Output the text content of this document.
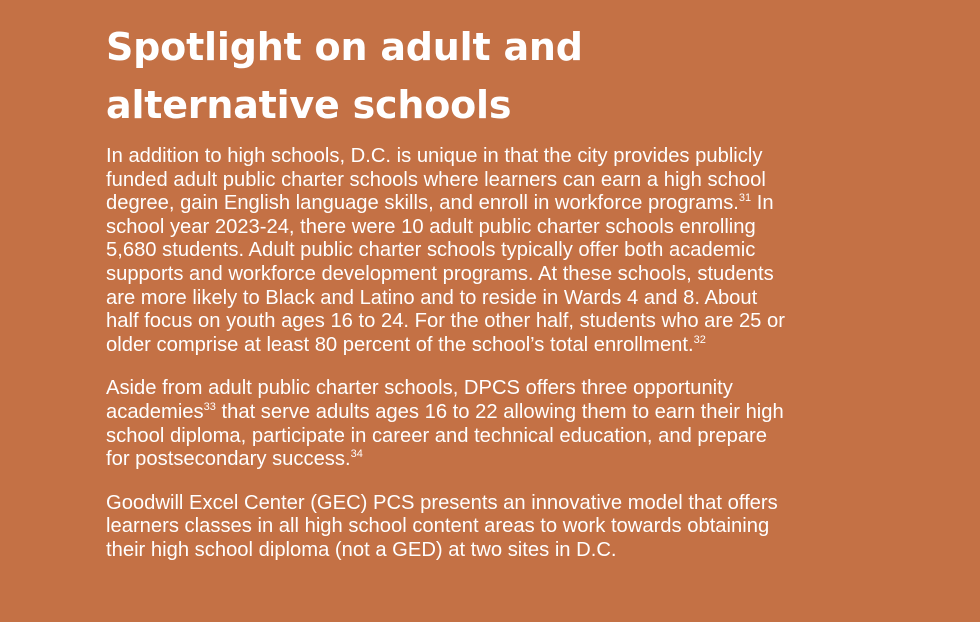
Spotlight on adult and
alternative schools

In addition to high schools, D.C. is unique in that the city provides publicly
funded adult public charter schools where learners can earn a high school
degree, gain English language skills, and enroll in workforce programs.$^{31}$ In
school year 2023-24, there were 10 adult public charter schools enrolling
5,680 students. Adult public charter schools typically offer both academic
supports and workforce development programs. At these schools, students
are more likely to Black and Latino and to reside in Wards 4 and 8. About
half focus on youth ages 16 to 24. For the other half, students who are 25 or
older comprise at least 80 percent of the school’s total enrollment.$^{32}$

Aside from adult public charter schools, DPCS offers three opportunity
academies$^{33}$ that serve adults ages 16 to 22 allowing them to earn their high
school diploma, participate in career and technical education, and prepare
for postsecondary success.$^{34}$

Goodwill Excel Center (GEC) PCS presents an innovative model that offers
learners classes in all high school content areas to work towards obtaining
their high school diploma (not a GED) at two sites in D.C.
